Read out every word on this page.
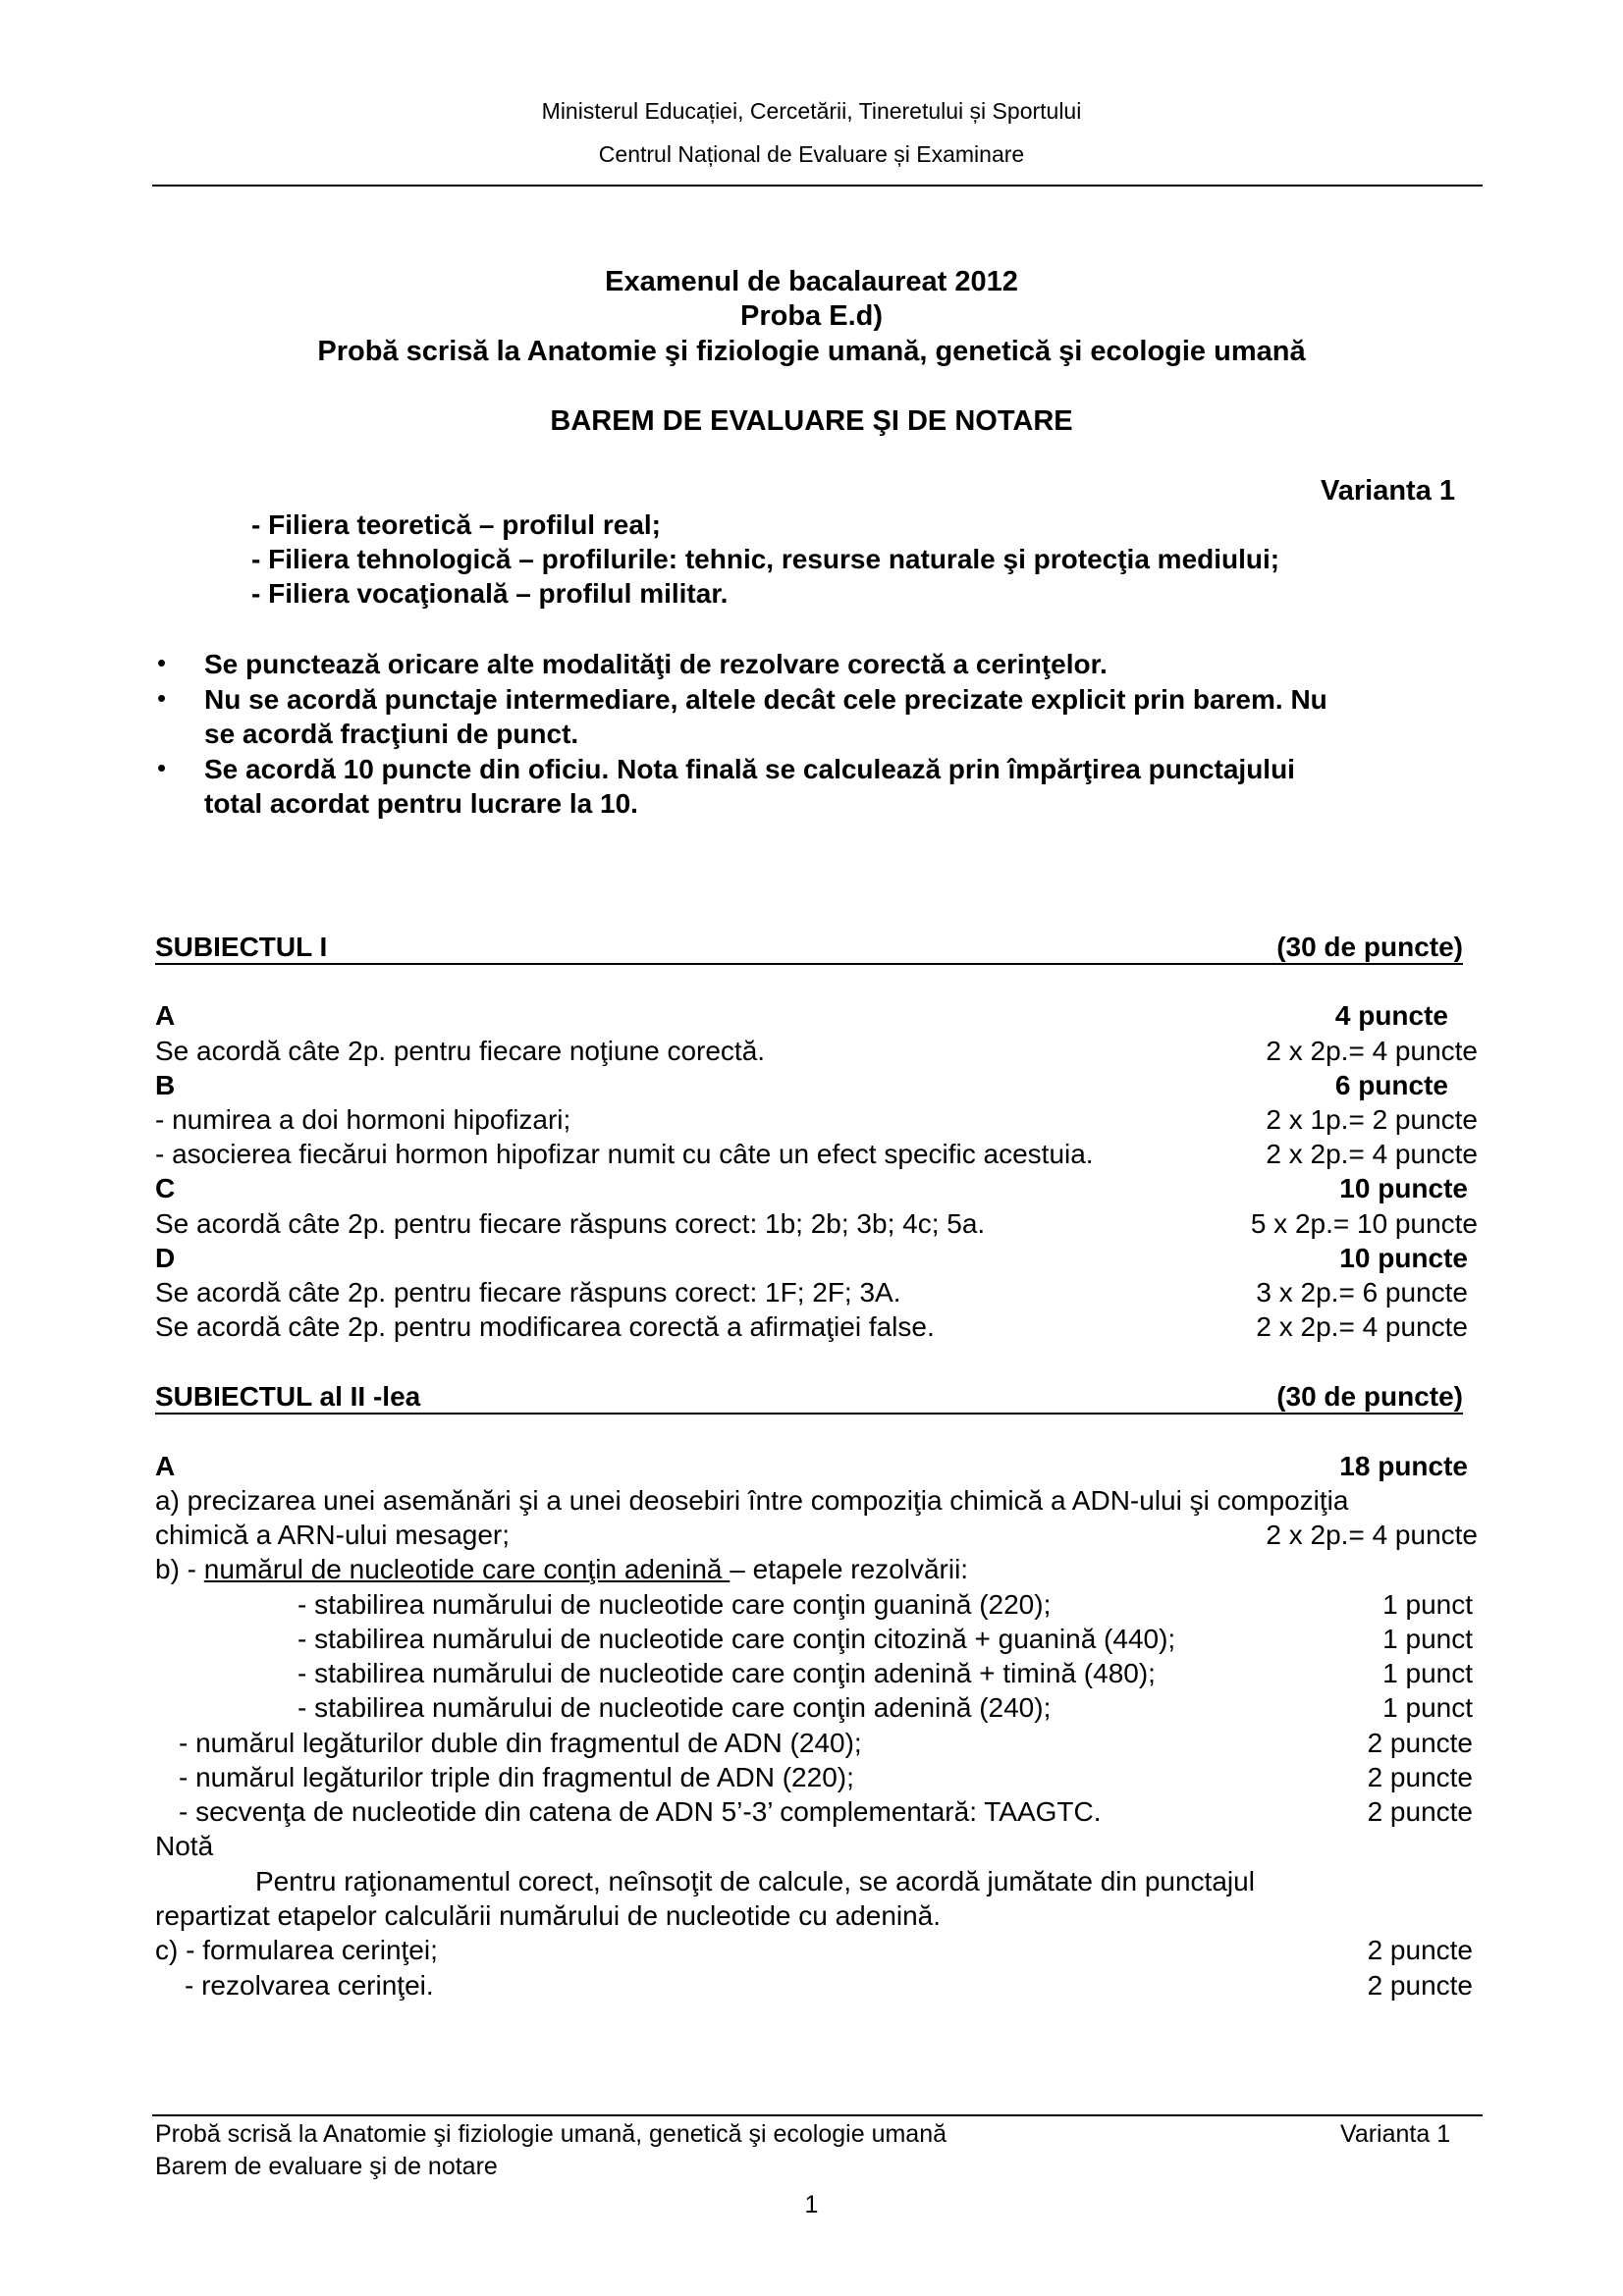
Ministerul Educației, Cercetării, Tineretului și Sportului
Centrul Național de Evaluare și Examinare
Examenul de bacalaureat 2012
Proba E.d)
Probă scrisă la Anatomie şi fiziologie umană, genetică şi ecologie umană
BAREM DE EVALUARE ŞI DE NOTARE
Varianta 1
- Filiera teoretică – profilul real;
- Filiera tehnologică – profilurile: tehnic, resurse naturale şi protecţia mediului;
- Filiera vocaţională – profilul militar.
• Se punctează oricare alte modalităţi de rezolvare corectă a cerinţelor.
• Nu se acordă punctaje intermediare, altele decât cele precizate explicit prin barem. Nu
se acordă fracţiuni de punct.
• Se acordă 10 puncte din oficiu. Nota finală se calculează prin împărţirea punctajului
total acordat pentru lucrare la 10.
SUBIECTUL I	(30 de puncte)
A	4 puncte
Se acordă câte 2p. pentru fiecare noţiune corectă.	2 x 2p.= 4 puncte
B	6 puncte
- numirea a doi hormoni hipofizari;	2 x 1p.= 2 puncte
- asocierea fiecărui hormon hipofizar numit cu câte un efect specific acestuia.	2 x 2p.= 4 puncte
C	10 puncte
Se acordă câte 2p. pentru fiecare răspuns corect: 1b; 2b; 3b; 4c; 5a.	5 x 2p.= 10 puncte
D	10 puncte
Se acordă câte 2p. pentru fiecare răspuns corect: 1F; 2F; 3A.	3 x 2p.= 6 puncte
Se acordă câte 2p. pentru modificarea corectă a afirmaţiei false.	2 x 2p.= 4 puncte
SUBIECTUL al II -lea	(30 de puncte)
A	18 puncte
a) precizarea unei asemănări şi a unei deosebiri între compoziţia chimică a ADN-ului şi compoziţia
chimică a ARN-ului mesager;	2 x 2p.= 4 puncte
b) - numărul de nucleotide care conţin adenină – etapele rezolvării:
- stabilirea numărului de nucleotide care conţin guanină (220);	1 punct
- stabilirea numărului de nucleotide care conţin citozină + guanină (440);	1 punct
- stabilirea numărului de nucleotide care conţin adenină + timină (480);	1 punct
- stabilirea numărului de nucleotide care conţin adenină (240);	1 punct
- numărul legăturilor duble din fragmentul de ADN (240);	2 puncte
- numărul legăturilor triple din fragmentul de ADN (220);	2 puncte
- secvenţa de nucleotide din catena de ADN 5’-3’ complementară: TAAGTC.	2 puncte
Notă
Pentru raţionamentul corect, neînsoţit de calcule, se acordă jumătate din punctajul
repartizat etapelor calculării numărului de nucleotide cu adenină.
c) - formularea cerinţei;	2 puncte
- rezolvarea cerinţei.	2 puncte
Probă scrisă la Anatomie şi fiziologie umană, genetică şi ecologie umană	Varianta 1
Barem de evaluare şi de notare
1
